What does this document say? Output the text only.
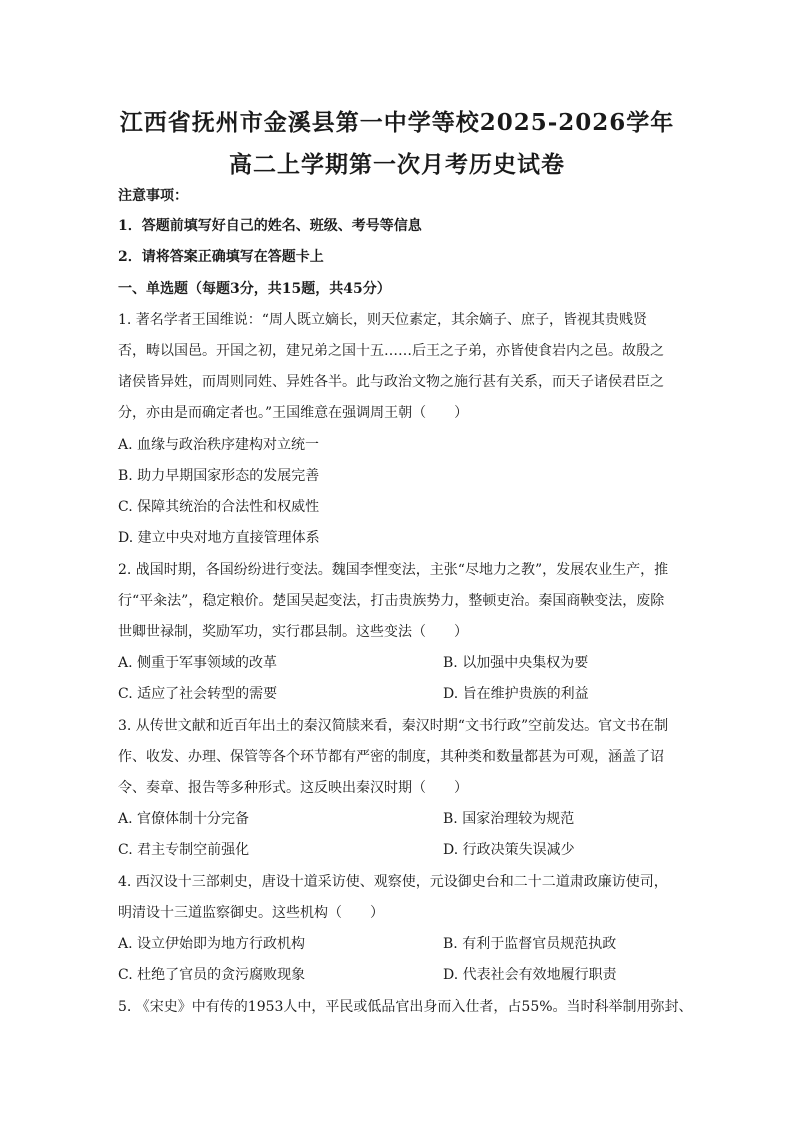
江西省抚州市金溪县第一中学等校2025-2026学年
高二上学期第一次月考历史试卷
注意事项：
1．答题前填写好自己的姓名、班级、考号等信息
2．请将答案正确填写在答题卡上
一、单选题（每题3分，共15题，共45分）
1. 著名学者王国维说：“周人既立嫡长，则天位素定，其余嫡子、庶子，皆视其贵贱贤
否，畴以国邑。开国之初，建兄弟之国十五……后王之子弟，亦皆使食岩内之邑。故殷之
诸侯皆异姓，而周则同姓、异姓各半。此与政治文物之施行甚有关系，而天子诸侯君臣之
分，亦由是而确定者也。”王国维意在强调周王朝（　　）
A. 血缘与政治秩序建构对立统一
B. 助力早期国家形态的发展完善
C. 保障其统治的合法性和权威性
D. 建立中央对地方直接管理体系
2. 战国时期，各国纷纷进行变法。魏国李悝变法，主张“尽地力之教”，发展农业生产，推
行“平籴法”，稳定粮价。楚国吴起变法，打击贵族势力，整顿吏治。秦国商鞅变法，废除
世卿世禄制，奖励军功，实行郡县制。这些变法（　　）
A. 侧重于军事领域的改革	B. 以加强中央集权为要
C. 适应了社会转型的需要	D. 旨在维护贵族的利益
3. 从传世文献和近百年出土的秦汉简牍来看，秦汉时期“文书行政”空前发达。官文书在制
作、收发、办理、保管等各个环节都有严密的制度，其种类和数量都甚为可观，涵盖了诏
令、奏章、报告等多种形式。这反映出秦汉时期（　　）
A. 官僚体制十分完备	B. 国家治理较为规范
C. 君主专制空前强化	D. 行政决策失误减少
4. 西汉设十三部刺史，唐设十道采访使、观察使，元设御史台和二十二道肃政廉访使司，
明清设十三道监察御史。这些机构（　　）
A. 设立伊始即为地方行政机构	B. 有利于监督官员规范执政
C. 杜绝了官员的贪污腐败现象	D. 代表社会有效地履行职责
5. 《宋史》中有传的1953人中，平民或低品官出身而入仕者，占55%。当时科举制用弥封、
